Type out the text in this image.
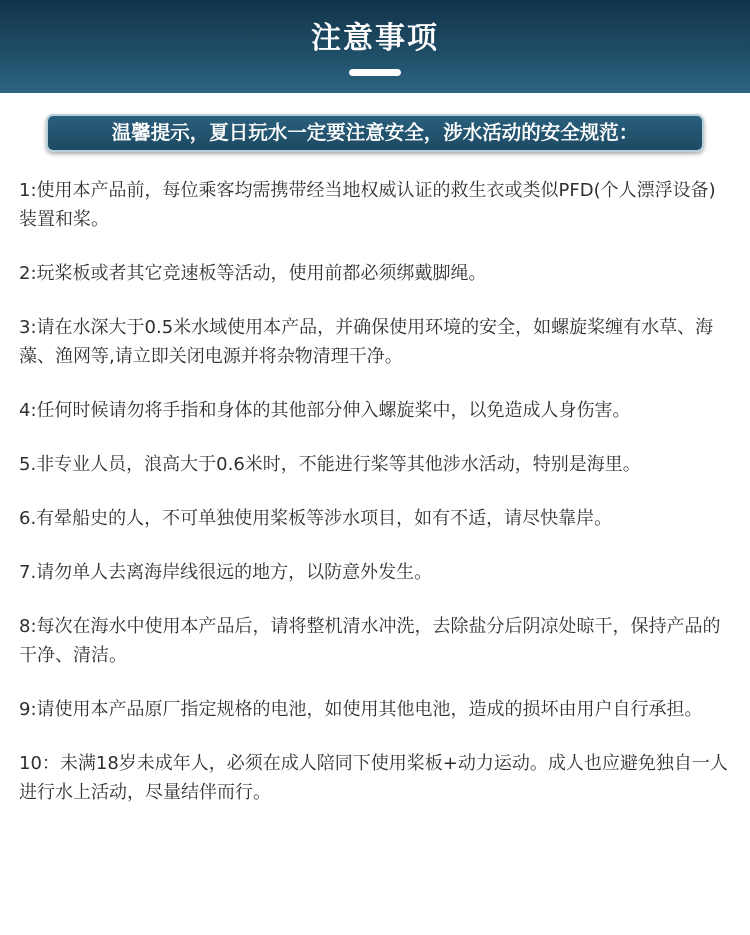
注意事项
温馨提示，夏日玩水一定要注意安全，涉水活动的安全规范：
1:使用本产品前，每位乘客均需携带经当地权威认证的救生衣或类似PFD(个人漂浮设备)装置和桨。
2:玩桨板或者其它竞速板等活动，使用前都必须绑戴脚绳。
3:请在水深大于0.5米水域使用本产品，并确保使用环境的安全，如螺旋桨缠有水草、海藻、渔网等,请立即关闭电源并将杂物清理干净。
4:任何时候请勿将手指和身体的其他部分伸入螺旋桨中，以免造成人身伤害。
5.非专业人员，浪高大于0.6米时，不能进行桨等其他涉水活动，特别是海里。
6.有晕船史的人，不可单独使用桨板等涉水项目，如有不适，请尽快靠岸。
7.请勿单人去离海岸线很远的地方，以防意外发生。
8:每次在海水中使用本产品后，请将整机清水冲洗，去除盐分后阴凉处晾干，保持产品的干净、清洁。
9:请使用本产品原厂指定规格的电池，如使用其他电池，造成的损坏由用户自行承担。
10：未满18岁未成年人，必须在成人陪同下使用桨板+动力运动。成人也应避免独自一人进行水上活动，尽量结伴而行。
